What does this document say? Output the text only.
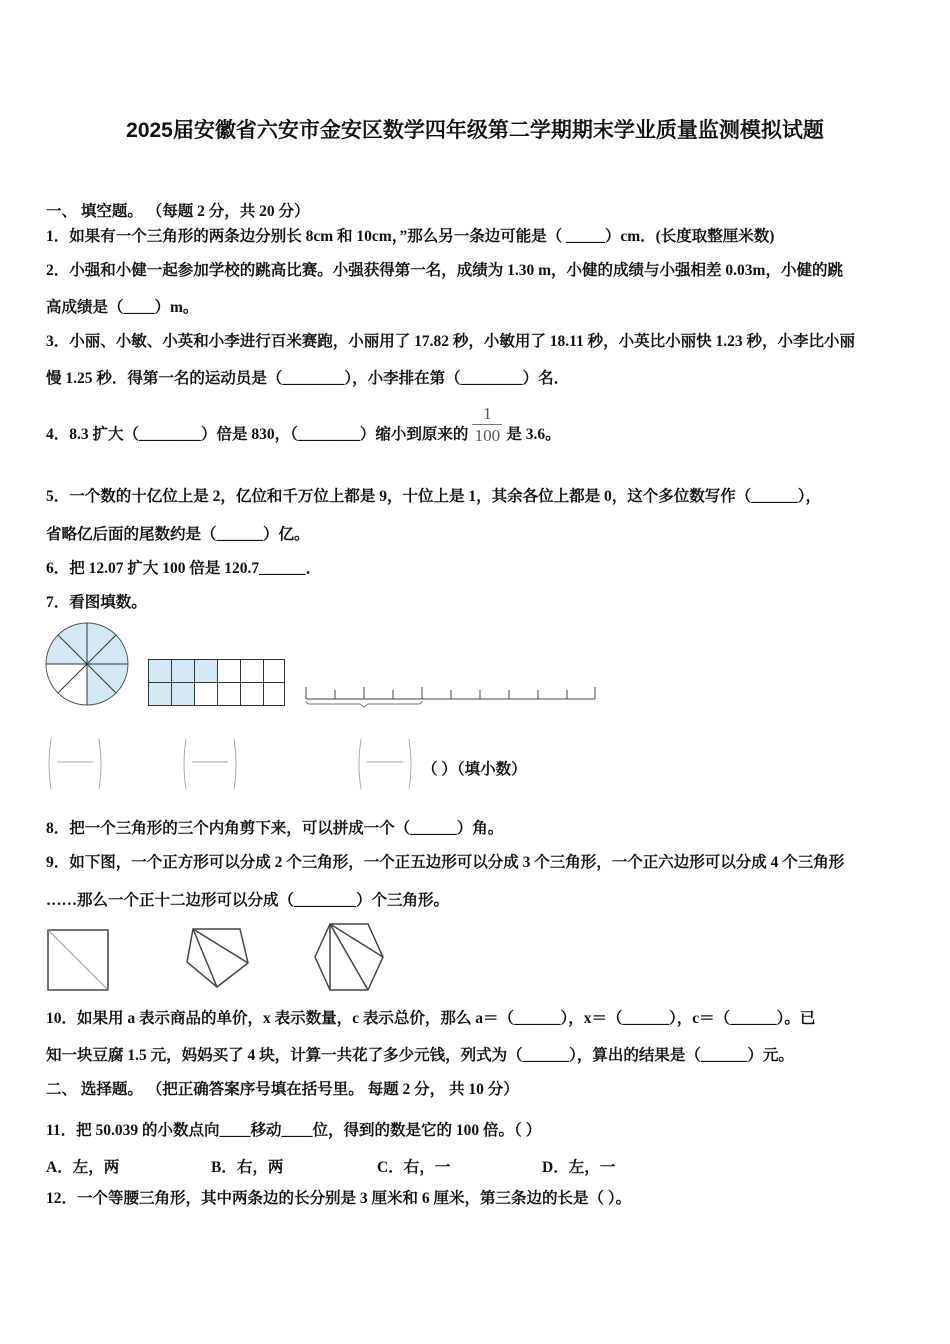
2025届安徽省六安市金安区数学四年级第二学期期末学业质量监测模拟试题
一、 填空题。 （每题 2 分，共 20 分）
1．如果有一个三角形的两条边分别长 8cm 和 10cm，”那么另一条边可能是（ _____）cm．(长度取整厘米数)
2．小强和小健一起参加学校的跳高比赛。小强获得第一名，成绩为 1.30 m，小健的成绩与小强相差 0.03m，小健的跳
高成绩是（____）m。
3．小丽、小敏、小英和小李进行百米赛跑，小丽用了 17.82 秒，小敏用了 18.11 秒，小英比小丽快 1.23 秒，小李比小丽
慢 1.25 秒．得第一名的运动员是（________），小李排在第（________）名．
4．8.3 扩大（________）倍是 830，（________）缩小到原来的 $\frac{1}{100}$ 是 3.6。
5．一个数的十亿位上是 2，亿位和千万位上都是 9，十位上是 1，其余各位上都是 0，这个多位数写作（______），
省略亿后面的尾数约是（______）亿。
6．把 12.07 扩大 100 倍是 120.7______．
7．看图填数。
（ ）（填小数）
8．把一个三角形的三个内角剪下来，可以拼成一个（______）角。
9．如下图，一个正方形可以分成 2 个三角形，一个正五边形可以分成 3 个三角形，一个正六边形可以分成 4 个三角形
……那么一个正十二边形可以分成（________）个三角形。
10．如果用 a 表示商品的单价，x 表示数量，c 表示总价，那么 a＝（______），x＝（______），c＝（______）。已
知一块豆腐 1.5 元，妈妈买了 4 块，计算一共花了多少元钱，列式为（______），算出的结果是（______）元。
二、 选择题。 （把正确答案序号填在括号里。 每题 2 分， 共 10 分）
11．把 50.039 的小数点向____移动____位，得到的数是它的 100 倍。（ ）
A．左，两	B．右，两	C．右，一	D．左，一
12．一个等腰三角形，其中两条边的长分别是 3 厘米和 6 厘米，第三条边的长是（ ）。
